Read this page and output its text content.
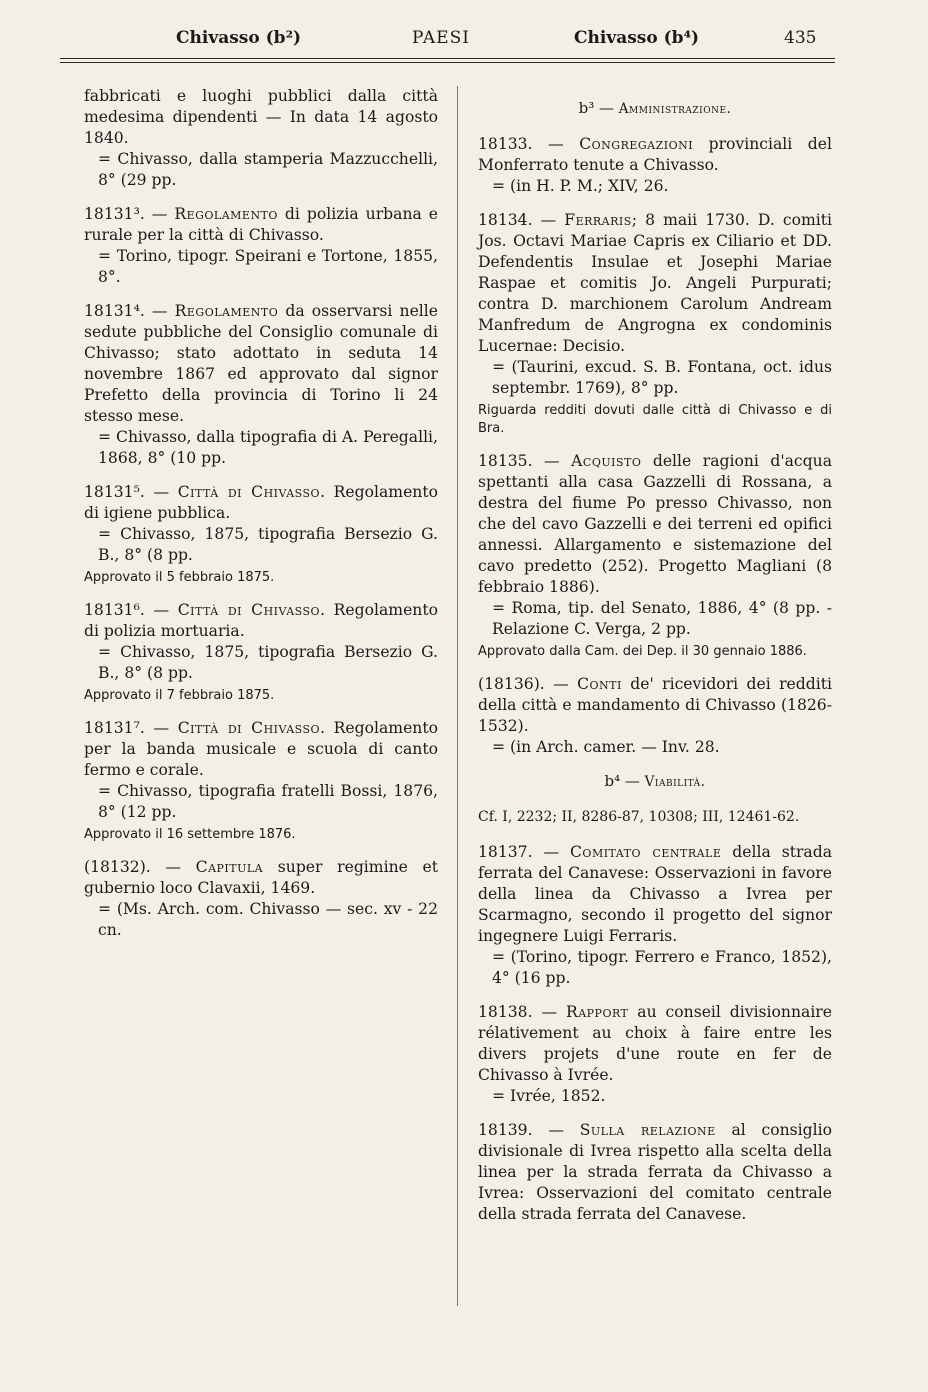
Chivasso (b²)	PAESI	Chivasso (b⁴)	435
fabbricati e luoghi pubblici dalla città medesima dipendenti — In data 14 agosto 1840.
= Chivasso, dalla stamperia Mazzucchelli, 8° (29 pp.
18131³. — Regolamento di polizia urbana e rurale per la città di Chivasso.
= Torino, tipogr. Speirani e Tortone, 1855, 8°.
18131⁴. — Regolamento da osservarsi nelle sedute pubbliche del Consiglio comunale di Chivasso; stato adottato in seduta 14 novembre 1867 ed approvato dal signor Prefetto della provincia di Torino li 24 stesso mese.
= Chivasso, dalla tipografia di A. Peregalli, 1868, 8° (10 pp.
18131⁵. — Città di Chivasso. Regolamento di igiene pubblica.
= Chivasso, 1875, tipografia Bersezio G. B., 8° (8 pp.
Approvato il 5 febbraio 1875.
18131⁶. — Città di Chivasso. Regolamento di polizia mortuaria.
= Chivasso, 1875, tipografia Bersezio G. B., 8° (8 pp.
Approvato il 7 febbraio 1875.
18131⁷. — Città di Chivasso. Regolamento per la banda musicale e scuola di canto fermo e corale.
= Chivasso, tipografia fratelli Bossi, 1876, 8° (12 pp.
Approvato il 16 settembre 1876.
(18132). — Capitula super regimine et gubernio loco Clavaxii, 1469.
= (Ms. Arch. com. Chivasso — sec. xv - 22 cn.
b³ — Amministrazione.
18133. — Congregazioni provinciali del Monferrato tenute a Chivasso.
= (in H. P. M.; XIV, 26.
18134. — Ferraris; 8 maii 1730. D. comiti Jos. Octavi Mariae Capris ex Ciliario et DD. Defendentis Insulae et Josephi Mariae Raspae et comitis Jo. Angeli Purpurati; contra D. marchionem Carolum Andream Manfredum de Angrogna ex condominis Lucernae: Decisio.
= (Taurini, excud. S. B. Fontana, oct. idus septembr. 1769), 8° pp.
Riguarda redditi dovuti dalle città di Chivasso e di Bra.
18135. — Acquisto delle ragioni d'acqua spettanti alla casa Gazzelli di Rossana, a destra del fiume Po presso Chivasso, non che del cavo Gazzelli e dei terreni ed opifici annessi. Allargamento e sistemazione del cavo predetto (252). Progetto Magliani (8 febbraio 1886).
= Roma, tip. del Senato, 1886, 4° (8 pp. - Relazione C. Verga, 2 pp.
Approvato dalla Cam. dei Dep. il 30 gennaio 1886.
(18136). — Conti de' ricevidori dei redditi della città e mandamento di Chivasso (1826-1532).
= (in Arch. camer. — Inv. 28.
b⁴ — Viabilità.
Cf. I, 2232; II, 8286-87, 10308; III, 12461-62.
18137. — Comitato centrale della strada ferrata del Canavese: Osservazioni in favore della linea da Chivasso a Ivrea per Scarmagno, secondo il progetto del signor ingegnere Luigi Ferraris.
= (Torino, tipogr. Ferrero e Franco, 1852), 4° (16 pp.
18138. — Rapport au conseil divisionnaire rélativement au choix à faire entre les divers projets d'une route en fer de Chivasso à Ivrée.
= Ivrée, 1852.
18139. — Sulla relazione al consiglio divisionale di Ivrea rispetto alla scelta della linea per la strada ferrata da Chivasso a Ivrea: Osservazioni del comitato centrale della strada ferrata del Canavese.
